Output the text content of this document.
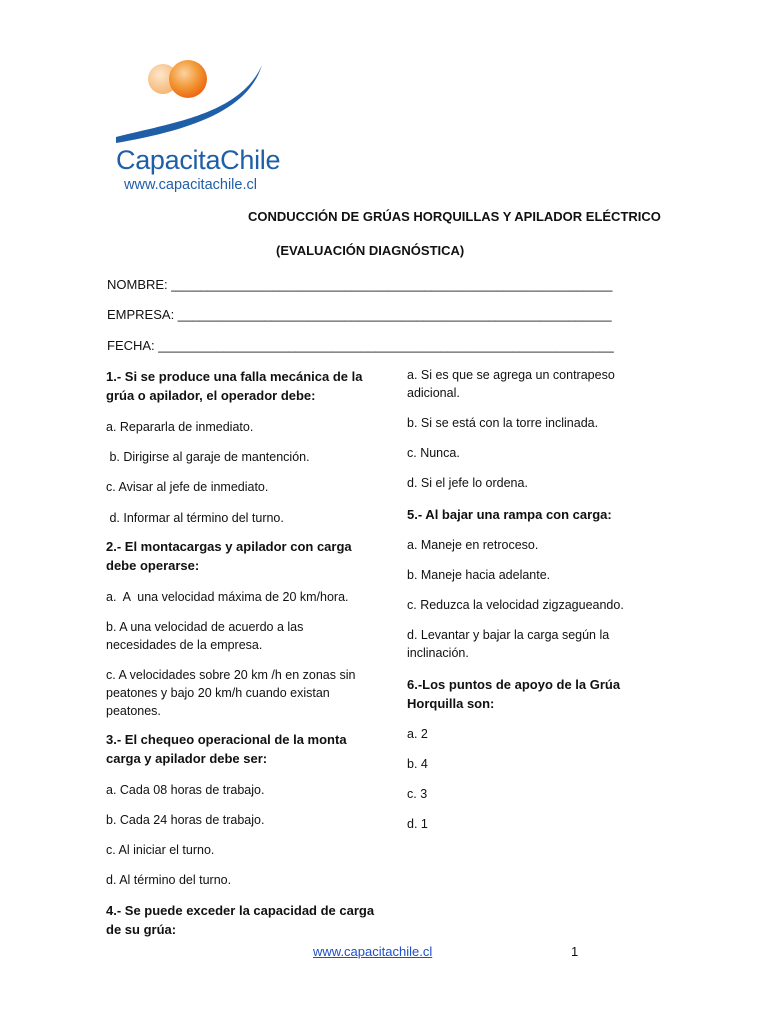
CapacitaChile
www.capacitachile.cl
CONDUCCIÓN DE GRÚAS HORQUILLAS Y APILADOR ELÉCTRICO
(EVALUACIÓN DIAGNÓSTICA)
NOMBRE: _____________________________________________________________
EMPRESA: ____________________________________________________________
FECHA: _______________________________________________________________
1.- Si se produce una falla mecánica de la grúa o apilador, el operador debe:
a. Repararla de inmediato.
b. Dirigirse al garaje de mantención.
c. Avisar al jefe de inmediato.
d. Informar al término del turno.
2.- El montacargas y apilador con carga debe operarse:
a.  A  una velocidad máxima de 20 km/hora.
b. A una velocidad de acuerdo a las necesidades de la empresa.
c. A velocidades sobre 20 km /h en zonas sin peatones y bajo 20 km/h cuando existan peatones.
3.- El chequeo operacional de la monta carga y apilador debe ser:
a. Cada 08 horas de trabajo.
b. Cada 24 horas de trabajo.
c. Al iniciar el turno.
d. Al término del turno.
4.- Se puede exceder la capacidad de carga de su grúa:
a. Si es que se agrega un contrapeso adicional.
b. Si se está con la torre inclinada.
c. Nunca.
d. Si el jefe lo ordena.
5.- Al bajar una rampa con carga:
a. Maneje en retroceso.
b. Maneje hacia adelante.
c. Reduzca la velocidad zigzagueando.
d. Levantar y bajar la carga según la inclinación.
6.-Los puntos de apoyo de la Grúa Horquilla son:
a. 2
b. 4
c. 3
d. 1
www.capacitachile.cl	1
